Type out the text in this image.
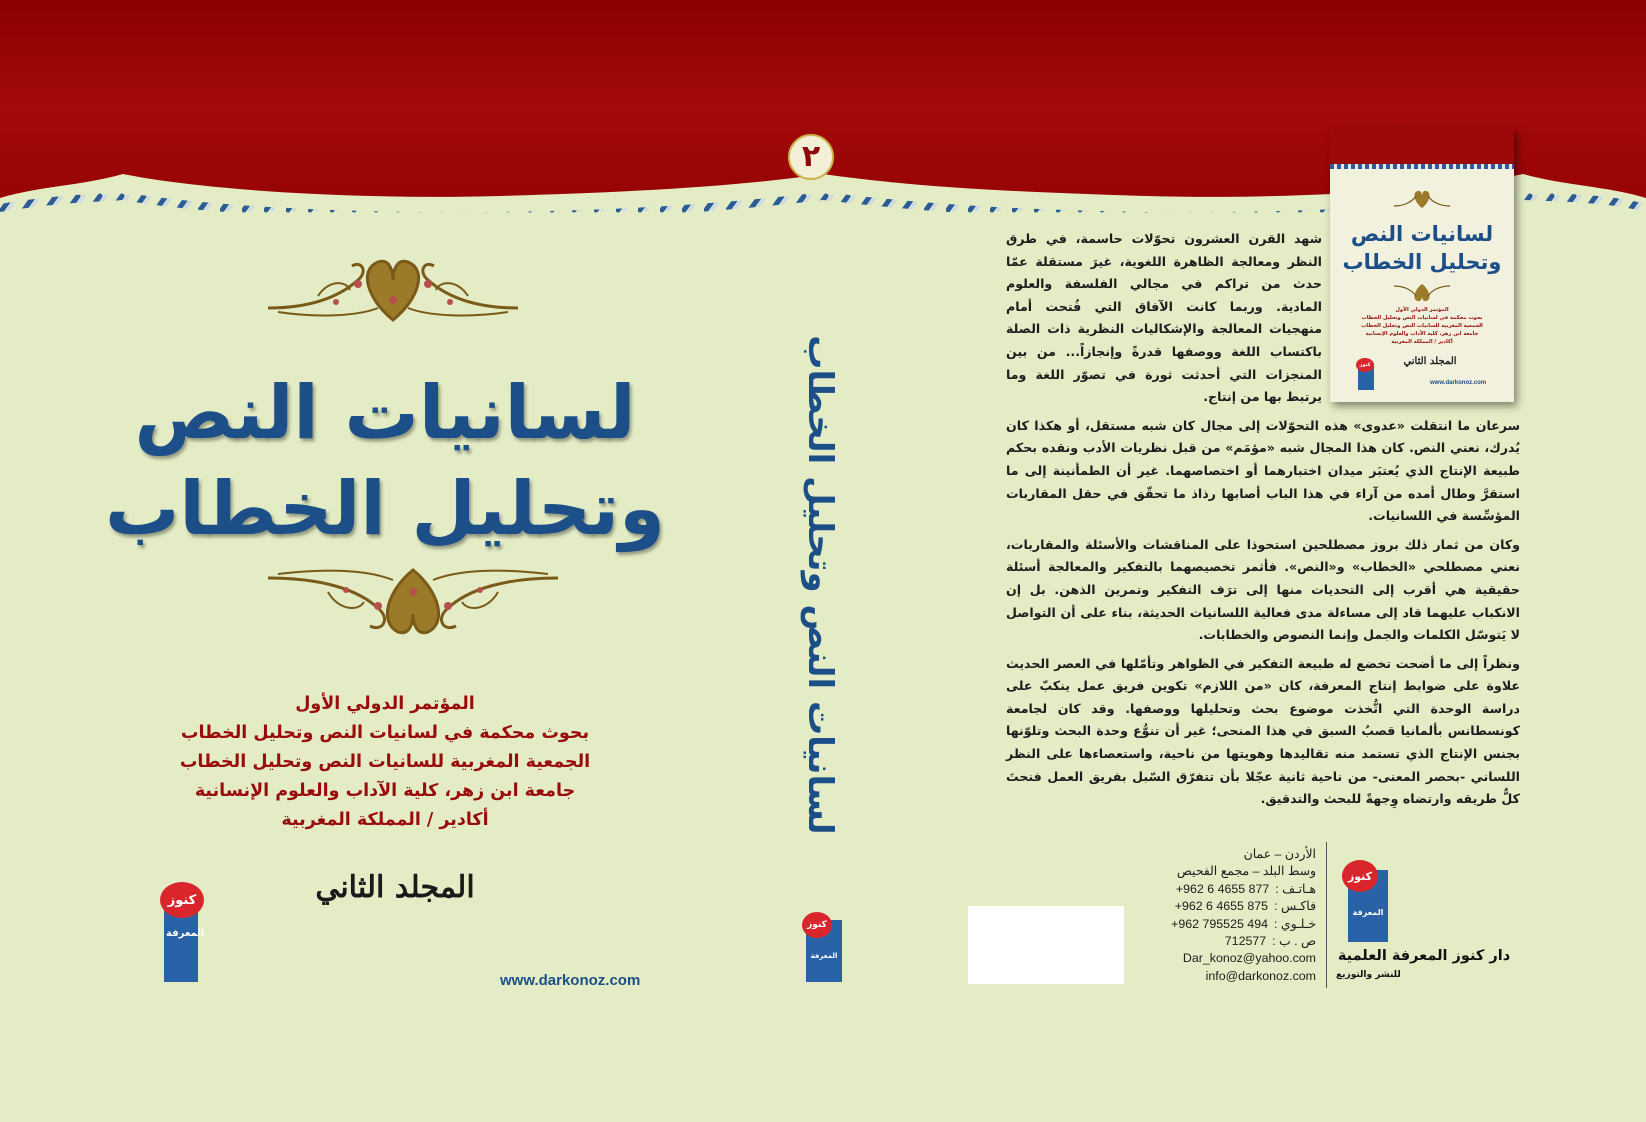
٢
لسانيات النص
وتحليل الخطاب
المؤتمر الدولي الأول
بحوث محكمة في لسانيات النص وتحليل الخطاب
الجمعية المغربية للسانيات النص وتحليل الخطاب
جامعة ابن زهر، كلية الآداب والعلوم الإنسانية
أكادير / المملكة المغربية
المجلد الثاني
كنوز
المعرفة
www.darkonoz.com
لسانيات النص وتحليل الخطاب
كنوز
المعرفة
لسانيات النص
وتحليل الخطاب
المؤتمر الدولي الأول
بحوث محكمة في لسانيات النص وتحليل الخطاب
الجمعية المغربية للسانيات النص وتحليل الخطاب
جامعة ابن زهر، كلية الآداب والعلوم الإنسانية
أكادير / المملكة المغربية
المجلد الثاني
كنوز
www.darkonoz.com

شهد القرن العشرون تحوّلات حاسمة، في طرق النظر ومعالجة الظاهرة اللغوية، غيرَ مستقلة عمّا حدث من تراكم في مجالي الفلسفة والعلوم المادية. وربما كانت الآفاق التي فُتحت أمام منهجيات المعالجة والإشكاليات النظرية ذات الصلة باكتساب اللغة ووصفها قدرةً وإنجازاً... من بين المنجزات التي أحدثت ثورة في تصوّر اللغة وما يرتبط بها من إنتاج.

سرعان ما انتقلت «عدوى» هذه التحوّلات إلى مجال كان شبه مستقل، أو هكذا كان يُدرك، نعني النص. كان هذا المجال شبه «مؤمَم» من قبل نظريات الأدب ونقده بحكم طبيعة الإنتاج الذي يُعتبَر ميدان اختبارهما أو اختصاصهما. غير أن الطمأنينة إلى ما استقرَّ وطال أمده من آراء في هذا الباب أصابها رذاذ ما تحقّق في حقل المقاربات المؤسِّسة في اللسانيات.

وكان من ثمار ذلك بروز مصطلحين استحوذا على المناقشات والأسئلة والمقاربات، نعني مصطلحي «الخطاب» و«النص». فأثمر تخصيصهما بالتفكير والمعالجة أسئلة حقيقية هي أقرب إلى التحديات منها إلى ترَف التفكير وتمرين الذهن. بل إن الانكباب عليهما قاد إلى مساءلة مدى فعالية اللسانيات الحديثة، بناء على أن التواصل لا يَتوسّل الكلمات والجمل وإنما النصوص والخطابات.

ونظراً إلى ما أضحت تخضع له طبيعة التفكير في الظواهر وتأمّلها في العصر الحديث علاوة على ضوابط إنتاج المعرفة، كان «من اللازم» تكوين فريق عمل ينكبّ على دراسة الوحدة التي اتُّخذت موضوع بحث وتحليلها ووصفها. وقد كان لجامعة كونسطانس بألمانيا قصبُ السبق في هذا المنحى؛ غير أن تنوُّع وحدة البحث وتلوّنها بجنس الإنتاج الذي تستمد منه تقاليدها وهويتها من ناحية، واستعصاءها على النظر اللساني -بحصر المعنى- من ناحية ثانية عجّلا بأن تتفرّق السّبل بفريق العمل فنحتَ كلٌّ طريقه وارتضاه وِجهةً للبحث والتدقيق.

الأردن – عمان
وسط البلد – مجمع الفحيص
هـاتـف :
+962 6 4655 877
فاكـس :
+962 6 4655 875
خـلـوي :
+962 795525 494
ص . ب :
712577
Dar_konoz@yahoo.com
info@darkonoz.com
كنوز
المعرفة
دار كنوز المعرفة العلمية
للنشر والتوزيع
